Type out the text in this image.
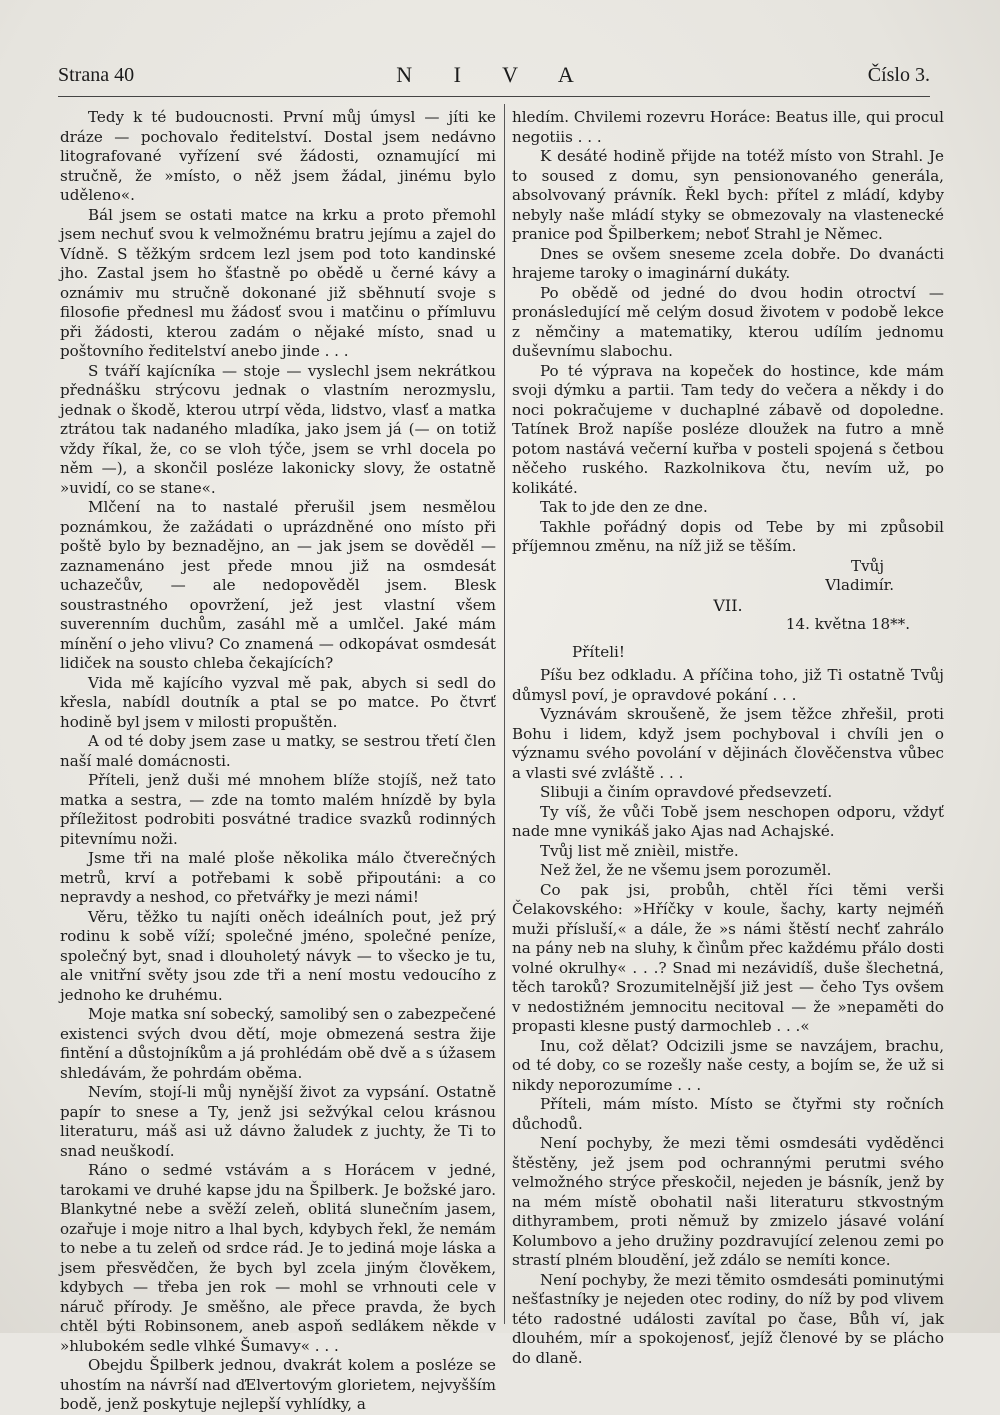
Strana 40	N I V A	Číslo 3.

Tedy k té budoucnosti. První můj úmysl — jíti ke dráze — pochovalo ředitelství. Dostal jsem nedávno litografované vyřízení své žádosti, oznamující mi stručně, že »místo, o něž jsem žádal, jinému bylo uděleno«.

Bál jsem se ostati matce na krku a proto přemohl jsem nechuť svou k velmožnému bratru jejímu a zajel do Vídně. S těžkým srdcem lezl jsem pod toto kandinské jho. Zastal jsem ho šťastně po obědě u černé kávy a oznámiv mu stručně dokonané již sběhnutí svoje s filosofie přednesl mu žádosť svou i matčinu o přímluvu při žádosti, kterou zadám o nějaké místo, snad u poštovního ředitelství anebo jinde . . .

S tváří kajícníka — stoje — vyslechl jsem nekrátkou přednášku strýcovu jednak o vlastním nerozmyslu, jednak o škodě, kterou utrpí věda, lidstvo, vlasť a matka ztrátou tak nadaného mladíka, jako jsem já (— on totiž vždy říkal, že, co se vloh týče, jsem se vrhl docela po něm —), a skončil posléze lakonicky slovy, že ostatně »uvidí, co se stane«.

Mlčení na to nastalé přerušil jsem nesmělou poznámkou, že zažádati o uprázdněné ono místo při poště bylo by beznadějno, an — jak jsem se dověděl — zaznamenáno jest přede mnou již na osmdesát uchazečův, — ale nedopověděl jsem. Blesk soustrastného opovržení, jež jest vlastní všem suverenním duchům, zasáhl mě a umlčel. Jaké mám mínění o jeho vlivu? Co znamená — odkopávat osmdesát lidiček na sousto chleba čekajících?

Vida mě kajícího vyzval mě pak, abych si sedl do křesla, nabídl doutník a ptal se po matce. Po čtvrť hodině byl jsem v milosti propuštěn.

A od té doby jsem zase u matky, se sestrou třetí člen naší malé domácnosti.

Příteli, jenž duši mé mnohem blíže stojíš, než tato matka a sestra, — zde na tomto malém hnízdě by byla příležitost podrobiti posvátné tradice svazků rodinných pitevnímu noži.

Jsme tři na malé ploše několika málo čtverečných metrů, krví a potřebami k sobě připoutáni: a co nepravdy a neshod, co přetvářky je mezi námi!

Věru, těžko tu najíti oněch ideálních pout, jež prý rodinu k sobě víží; společné jméno, společné peníze, společný byt, snad i dlouholetý návyk — to všecko je tu, ale vnitřní světy jsou zde tři a není mostu vedoucího z jednoho ke druhému.

Moje matka sní sobecký, samolibý sen o zabezpečené existenci svých dvou dětí, moje obmezená sestra žije fintění a důstojníkům a já prohlédám obě dvě a s úžasem shledávám, že pohrdám oběma.

Nevím, stojí-li můj nynější život za vypsání. Ostatně papír to snese a Ty, jenž jsi sežvýkal celou krásnou literaturu, máš asi už dávno žaludek z juchty, že Ti to snad neuškodí.

Ráno o sedmé vstávám a s Horácem v jedné, tarokami ve druhé kapse jdu na Špilberk. Je božské jaro. Blankytné nebe a svěží zeleň, oblitá slunečním jasem, ozařuje i moje nitro a lhal bych, kdybych řekl, že nemám to nebe a tu zeleň od srdce rád. Je to jediná moje láska a jsem přesvědčen, že bych byl zcela jiným člověkem, kdybych — třeba jen rok — mohl se vrhnouti cele v náruč přírody. Je směšno, ale přece pravda, že bych chtěl býti Robinsonem, aneb aspoň sedlákem někde v »hlubokém sedle vlhké Šumavy« . . .

Obejdu Špilberk jednou, dvakrát kolem a posléze se uhostím na návrší nad ďElvertovým glorietem, nejvyšším bodě, jenž poskytuje nejlepší vyhlídky, a

hledím. Chvilemi rozevru Horáce: Beatus ille, qui procul negotiis . . .

K desáté hodině přijde na totéž místo von Strahl. Je to soused z domu, syn pensionovaného generála, absolvovaný právník. Řekl bych: přítel z mládí, kdyby nebyly naše mládí styky se obmezovaly na vlastenecké pranice pod Špilberkem; neboť Strahl je Němec.

Dnes se ovšem sneseme zcela dobře. Do dvanácti hrajeme taroky o imaginární dukáty.

Po obědě od jedné do dvou hodin otroctví — pronásledující mě celým dosud životem v podobě lekce z němčiny a matematiky, kterou udílím jednomu duševnímu slabochu.

Po té výprava na kopeček do hostince, kde mám svoji dýmku a partii. Tam tedy do večera a někdy i do noci pokračujeme v duchaplné zábavě od dopoledne. Tatínek Brož napíše posléze dloužek na futro a mně potom nastává večerní kuřba v posteli spojená s četbou něčeho ruského. Razkolnikova čtu, nevím už, po kolikáté.

Tak to jde den ze dne.

Takhle pořádný dopis od Tebe by mi způsobil příjemnou změnu, na níž již se těším.

Tvůj

Vladimír.

VII.

14. května 18**.

Příteli!

Píšu bez odkladu. A příčina toho, již Ti ostatně Tvůj důmysl poví, je opravdové pokání . . .

Vyznávám skroušeně, že jsem těžce zhřešil, proti Bohu i lidem, když jsem pochyboval i chvíli jen o významu svého povolání v dějinách člověčenstva vůbec a vlasti své zvláště . . .

Slibuji a činím opravdové předsevzetí.

Ty víš, že vůči Tobě jsem neschopen odporu, vždyť nade mne vynikáš jako Ajas nad Achajské.

Tvůj list mě znièil, mistře.

Než žel, že ne všemu jsem porozuměl.

Co pak jsi, probůh, chtěl říci těmi verši Čelakovského: »Hříčky v koule, šachy, karty nejméň muži přísluší,« a dále, že »s námi štěstí nechť zahrálo na pány neb na sluhy, k čìnům přec každému přálo dosti volné okrulhy« . . .? Snad mi nezávidíš, duše šlechetná, těch taroků? Srozumitelnější již jest — čeho Tys ovšem v nedostižném jemnocitu necitoval — že »nepaměti do propasti klesne pustý darmochleb . . .«

Inu, což dělat? Odcizili jsme se navzájem, brachu, od té doby, co se rozešly naše cesty, a bojím se, že už si nikdy neporozumíme . . .

Příteli, mám místo. Místo se čtyřmi sty ročních důchodů.

Není pochyby, že mezi těmi osmdesáti vyděděnci štěstěny, jež jsem pod ochrannými perutmi svého velmožného strýce přeskočil, nejeden je básník, jenž by na mém místě obohatil naši literaturu stkvostným dithyrambem, proti němuž by zmizelo jásavé volání Kolumbovo a jeho družiny pozdravující zelenou zemi po strastí plném bloudění, jež zdálo se nemíti konce.

Není pochyby, že mezi těmito osmdesáti pominutými nešťastníky je nejeden otec rodiny, do níž by pod vlivem této radostné události zavítal po čase, Bůh ví, jak dlouhém, mír a spokojenosť, jejíž členové by se plácho do dlaně.
